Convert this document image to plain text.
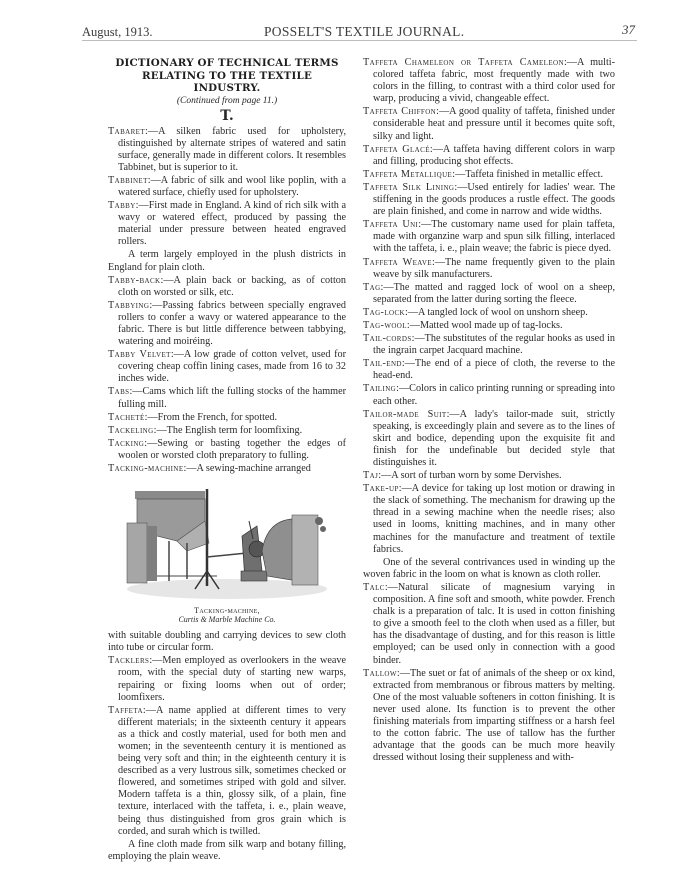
August, 1913.	POSSELT'S TEXTILE JOURNAL.	37
DICTIONARY OF TECHNICAL TERMS
RELATING TO THE TEXTILE INDUSTRY.
(Continued from page 11.)
T.

Tabaret:—A silken fabric used for upholstery, distinguished by alternate stripes of watered and satin surface, generally made in different colors. It resembles Tabbinet, but is superior to it.

Tabbinet:—A fabric of silk and wool like poplin, with a watered surface, chiefly used for upholstery.

Tabby:—First made in England. A kind of rich silk with a wavy or watered effect, produced by passing the material under pressure between heated engraved rollers.

A term largely employed in the plush districts in England for plain cloth.

Tabby-back:—A plain back or backing, as of cotton cloth on worsted or silk, etc.

Tabbying:—Passing fabrics between specially engraved rollers to confer a wavy or watered appearance to the fabric. There is but little difference between tabbying, watering and moiréing.

Tabby Velvet:—A low grade of cotton velvet, used for covering cheap coffin lining cases, made from 16 to 32 inches wide.

Tabs:—Cams which lift the fulling stocks of the hammer fulling mill.

Tacheté:—From the French, for spotted.

Tackeling:—The English term for loomfixing.

Tacking:—Sewing or basting together the edges of woolen or worsted cloth preparatory to fulling.

Tacking-machine:—A sewing-machine arranged

Tacking-machine,
Curtis & Marble Machine Co.

with suitable doubling and carrying devices to sew cloth into tube or circular form.

Tacklers:—Men employed as overlookers in the weave room, with the special duty of starting new warps, repairing or fixing looms when out of order; loomfixers.

Taffeta:—A name applied at different times to very different materials; in the sixteenth century it appears as a thick and costly material, used for both men and women; in the seventeenth century it is mentioned as being very soft and thin; in the eighteenth century it is described as a very lustrous silk, sometimes checked or flowered, and sometimes striped with gold and silver. Modern taffeta is a thin, glossy silk, of a plain, fine texture, interlaced with the taffeta, i. e., plain weave, being thus distinguished from gros grain which is corded, and surah which is twilled.

A fine cloth made from silk warp and botany filling, employing the plain weave.

Taffeta Chameleon or Taffeta Cameleon:—A multi-colored taffeta fabric, most frequently made with two colors in the filling, to contrast with a third color used for warp, producing a vivid, changeable effect.

Taffeta Chiffon:—A good quality of taffeta, finished under considerable heat and pressure until it becomes quite soft, silky and light.

Taffeta Glacé:—A taffeta having different colors in warp and filling, producing shot effects.

Taffeta Metallique:—Taffeta finished in metallic effect.

Taffeta Silk Lining:—Used entirely for ladies' wear. The stiffening in the goods produces a rustle effect. The goods are plain finished, and come in narrow and wide widths.

Taffeta Uni:—The customary name used for plain taffeta, made with organzine warp and spun silk filling, interlaced with the taffeta, i. e., plain weave; the fabric is piece dyed.

Taffeta Weave:—The name frequently given to the plain weave by silk manufacturers.

Tag:—The matted and ragged lock of wool on a sheep, separated from the latter during sorting the fleece.

Tag-lock:—A tangled lock of wool on unshorn sheep.

Tag-wool:—Matted wool made up of tag-locks.

Tail-cords:—The substitutes of the regular hooks as used in the ingrain carpet Jacquard machine.

Tail-end:—The end of a piece of cloth, the reverse to the head-end.

Tailing:—Colors in calico printing running or spreading into each other.

Tailor-made Suit:—A lady's tailor-made suit, strictly speaking, is exceedingly plain and severe as to the lines of skirt and bodice, depending upon the exquisite fit and finish for the undefinable but decided style that distinguishes it.

Taj:—A sort of turban worn by some Dervishes.

Take-up:—A device for taking up lost motion or drawing in the slack of something. The mechanism for drawing up the thread in a sewing machine when the needle rises; also used in looms, knitting machines, and in many other machines for the manufacture and treatment of textile fabrics.

One of the several contrivances used in winding up the woven fabric in the loom on what is known as cloth roller.

Talc:—Natural silicate of magnesium varying in composition. A fine soft and smooth, white powder. French chalk is a preparation of talc. It is used in cotton finishing to give a smooth feel to the cloth when used as a filler, but has the disadvantage of dusting, and for this reason is little employed; can be used only in connection with a good binder.

Tallow:—The suet or fat of animals of the sheep or ox kind, extracted from membranous or fibrous matters by melting. One of the most valuable softeners in cotton finishing. It is never used alone. Its function is to prevent the other finishing materials from imparting stiffness or a harsh feel to the cotton fabric. The use of tallow has the further advantage that the goods can be much more heavily dressed without losing their suppleness and with-
